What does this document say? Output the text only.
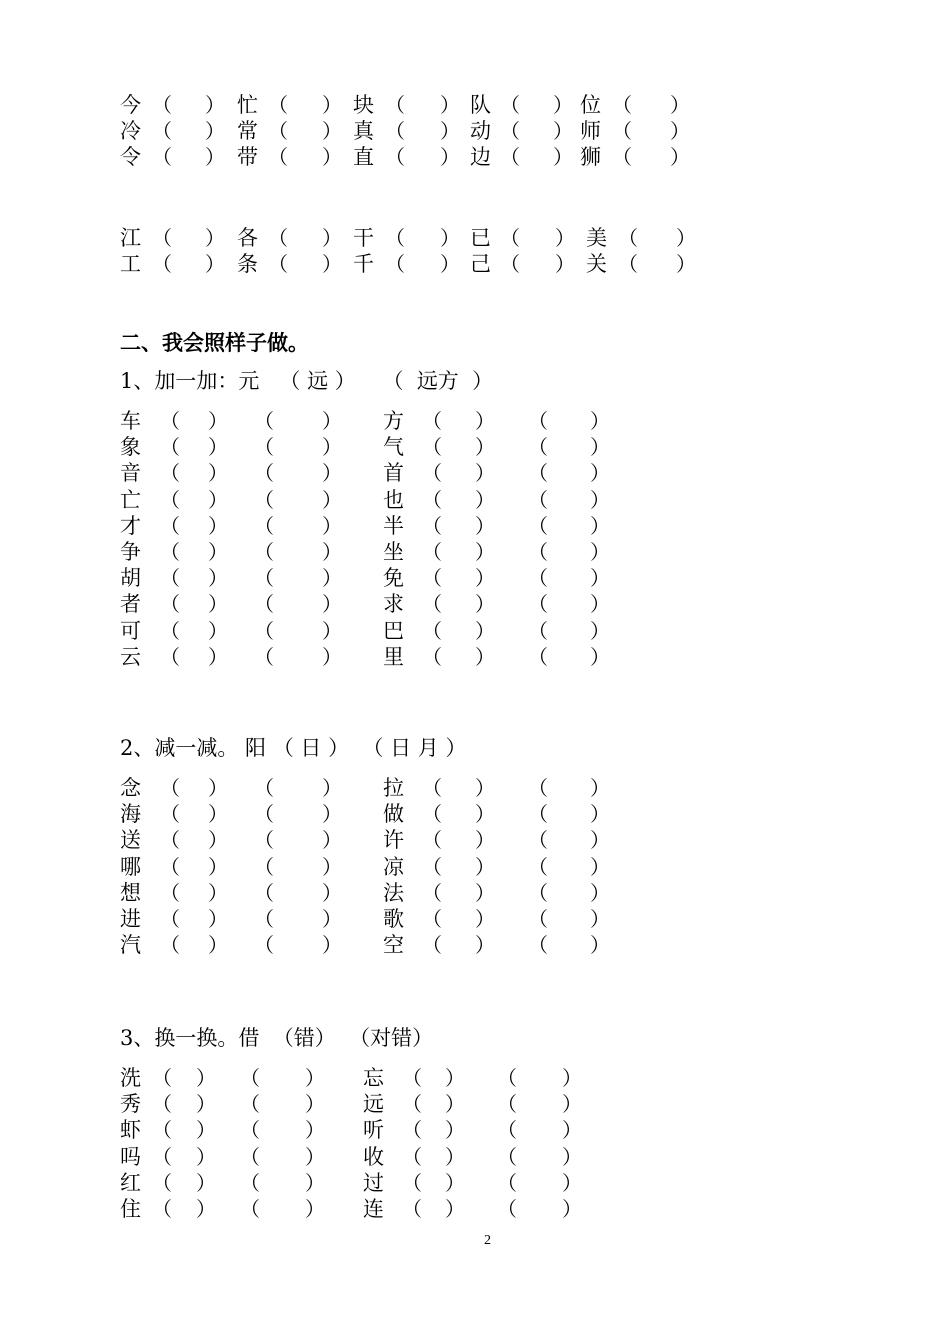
今 （ ） 忙 （ ） 块 （ ） 队 （ ） 位 （ ）
冷 （ ） 常 （ ） 真 （ ） 动 （ ） 师 （ ）
令 （ ） 带 （ ） 直 （ ） 边 （ ） 狮 （ ）
江 （ ） 各 （ ） 干 （ ） 已 （ ） 美 （ ）
工 （ ） 条 （ ） 千 （ ） 己 （ ） 关 （ ）
二、我会照样子做。
1、加一加：元   （ 远 ）    （  远方  ）
车 （ ） （ ） 方 （ ） （ ）
象 （ ） （ ） 气 （ ） （ ）
音 （ ） （ ） 首 （ ） （ ）
亡 （ ） （ ） 也 （ ） （ ）
才 （ ） （ ） 半 （ ） （ ）
争 （ ） （ ） 坐 （ ） （ ）
胡 （ ） （ ） 免 （ ） （ ）
者 （ ） （ ） 求 （ ） （ ）
可 （ ） （ ） 巴 （ ） （ ）
云 （ ） （ ） 里 （ ） （ ）
2、减一减。 阳 （ 日 ）  （ 日 月 ）
念 （ ） （ ） 拉 （ ） （ ）
海 （ ） （ ） 做 （ ） （ ）
送 （ ） （ ） 许 （ ） （ ）
哪 （ ） （ ） 凉 （ ） （ ）
想 （ ） （ ） 法 （ ） （ ）
进 （ ） （ ） 歌 （ ） （ ）
汽 （ ） （ ） 空 （ ） （ ）
3、换一换。借  （错）  （对错）
洗 （ ） （ ） 忘 （ ） （ ）
秀 （ ） （ ） 远 （ ） （ ）
虾 （ ） （ ） 听 （ ） （ ）
吗 （ ） （ ） 收 （ ） （ ）
红 （ ） （ ） 过 （ ） （ ）
住 （ ） （ ） 连 （ ） （ ）
2
